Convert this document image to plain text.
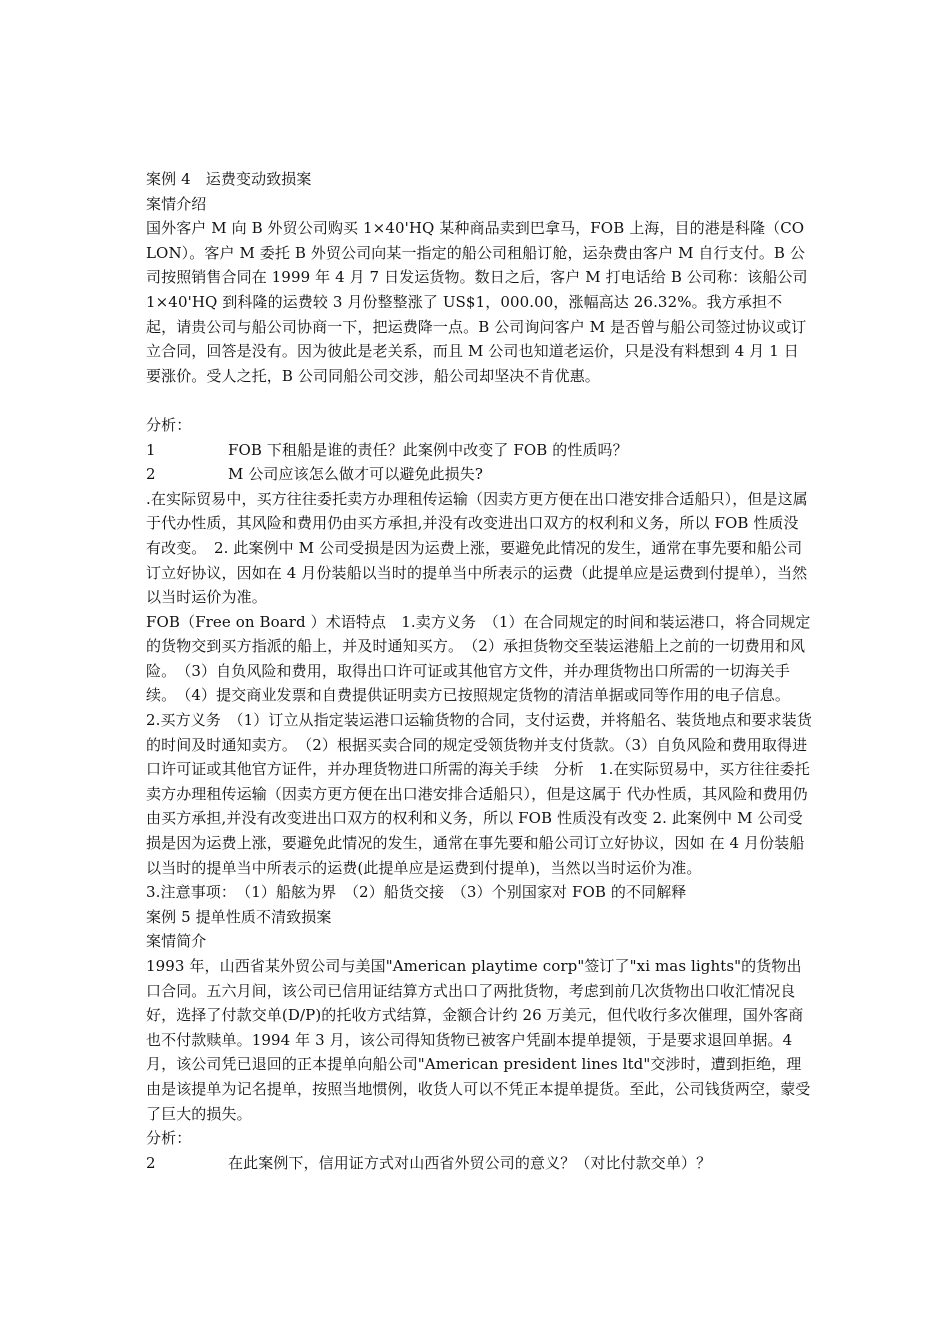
案例 4　运费变动致损案

案情介绍

国外客户 M 向 B 外贸公司购买 1×40'HQ 某种商品卖到巴拿马，FOB 上海，目的港是科隆（COLON）。客户 M 委托 B 外贸公司向某一指定的船公司租船订舱，运杂费由客户 M 自行支付。B 公司按照销售合同在 1999 年 4 月 7 日发运货物。数日之后，客户 M 打电话给 B 公司称：该船公司 1×40'HQ 到科隆的运费较 3 月份整整涨了 US$1，000.00，涨幅高达 26.32%。我方承担不起，请贵公司与船公司协商一下，把运费降一点。B 公司询问客户 M 是否曾与船公司签过协议或订立合同，回答是没有。因为彼此是老关系，而且 M 公司也知道老运价，只是没有料想到 4 月 1 日要涨价。受人之托，B 公司同船公司交涉，船公司却坚决不肯优惠。

分析：

1	FOB 下租船是谁的责任？此案例中改变了 FOB 的性质吗？
2	M 公司应该怎么做才可以避免此损失?

.在实际贸易中，买方往往委托卖方办理租传运输（因卖方更方便在出口港安排合适船只），但是这属于代办性质，其风险和费用仍由买方承担,并没有改变进出口双方的权利和义务，所以 FOB 性质没有改变。　2. 此案例中 M 公司受损是因为运费上涨，要避免此情况的发生，通常在事先要和船公司订立好协议，因如在 4 月份装船以当时的提单当中所表示的运费（此提单应是运费到付提单），当然以当时运价为准。

FOB（Free on Board ）术语特点　1.卖方义务　（1）在合同规定的时间和装运港口，将合同规定的货物交到买方指派的船上，并及时通知买方。　（2）承担货物交至装运港船上之前的一切费用和风险。　（3）自负风险和费用，取得出口许可证或其他官方文件，并办理货物出口所需的一切海关手续。　（4）提交商业发票和自费提供证明卖方已按照规定货物的清洁单据或同等作用的电子信息。　2.买方义务　（1）订立从指定装运港口运输货物的合同，支付运费，并将船名、装货地点和要求装货的时间及时通知卖方。　（2）根据买卖合同的规定受领货物并支付货款。（3）自负风险和费用取得进口许可证或其他官方证件，并办理货物进口所需的海关手续　分析　1.在实际贸易中，买方往往委托卖方办理租传运输（因卖方更方便在出口港安排合适船只），但是这属于 代办性质，其风险和费用仍由买方承担,并没有改变进出口双方的权利和义务，所以 FOB 性质没有改变 2. 此案例中 M 公司受损是因为运费上涨，要避免此情况的发生，通常在事先要和船公司订立好协议，因如 在 4 月份装船以当时的提单当中所表示的运费(此提单应是运费到付提单)，当然以当时运价为准。

3.注意事项：　（1）船舷为界　（2）船货交接　（3）个别国家对 FOB 的不同解释

案例 5 提单性质不清致损案

案情简介

1993 年，山西省某外贸公司与美国"American playtime corp"签订了"xi mas lights"的货物出口合同。五六月间，该公司已信用证结算方式出口了两批货物，考虑到前几次货物出口收汇情况良好，选择了付款交单(D/P)的托收方式结算，金额合计约 26 万美元，但代收行多次催理，国外客商也不付款赎单。1994 年 3 月，该公司得知货物已被客户凭副本提单提领，于是要求退回单据。4 月，该公司凭已退回的正本提单向船公司"American president lines ltd"交涉时，遭到拒绝，理由是该提单为记名提单，按照当地惯例，收货人可以不凭正本提单提货。至此，公司钱货两空，蒙受了巨大的损失。

分析：

2	在此案例下，信用证方式对山西省外贸公司的意义？（对比付款交单）？
